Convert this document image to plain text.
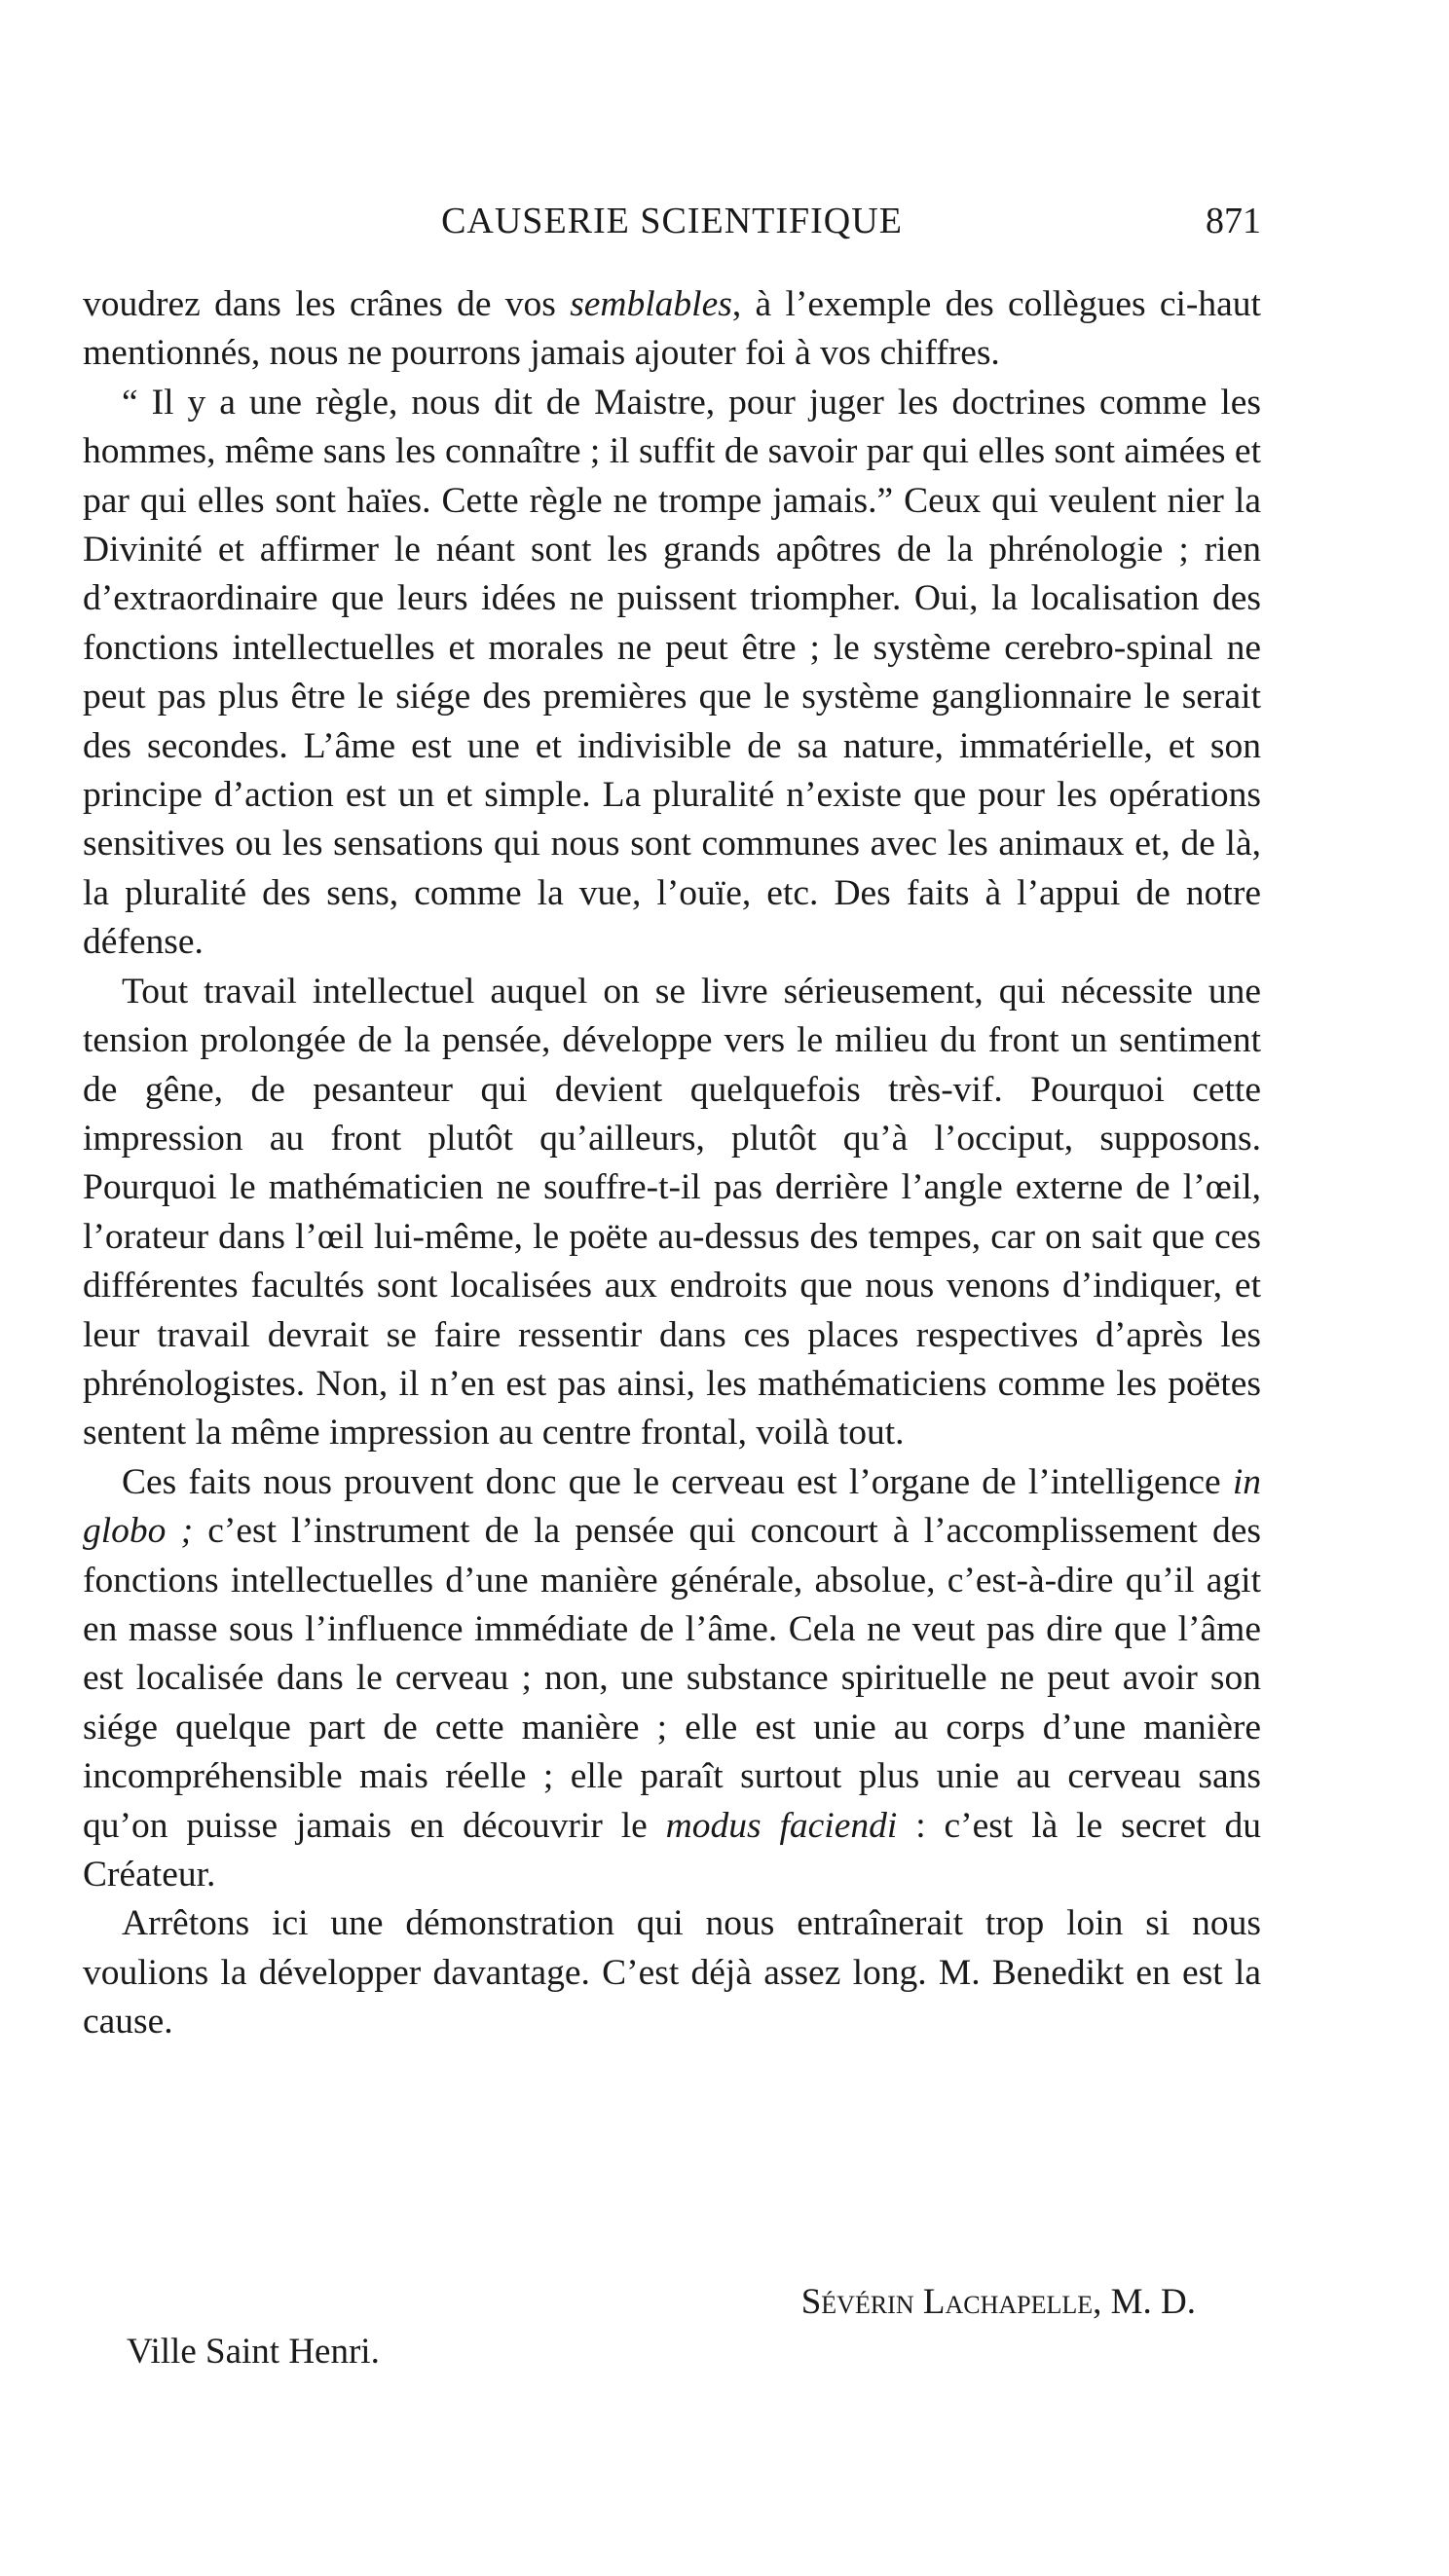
CAUSERIE SCIENTIFIQUE	871

voudrez dans les crânes de vos semblables, à l’exemple des collègues ci-haut mentionnés, nous ne pourrons jamais ajouter foi à vos chiffres.

“ Il y a une règle, nous dit de Maistre, pour juger les doctrines comme les hommes, même sans les connaître ; il suffit de savoir par qui elles sont aimées et par qui elles sont haïes. Cette règle ne trompe jamais.” Ceux qui veulent nier la Divinité et affirmer le néant sont les grands apôtres de la phrénologie ; rien d’extraordinaire que leurs idées ne puissent triompher. Oui, la localisation des fonctions intellectuelles et morales ne peut être ; le système cerebro-spinal ne peut pas plus être le siége des premières que le système ganglionnaire le serait des secondes. L’âme est une et indivisible de sa nature, immatérielle, et son principe d’action est un et simple. La pluralité n’existe que pour les opérations sensitives ou les sensations qui nous sont communes avec les animaux et, de là, la pluralité des sens, comme la vue, l’ouïe, etc. Des faits à l’appui de notre défense.

Tout travail intellectuel auquel on se livre sérieusement, qui nécessite une tension prolongée de la pensée, développe vers le milieu du front un sentiment de gêne, de pesanteur qui devient quelquefois très-vif. Pourquoi cette impression au front plutôt qu’ailleurs, plutôt qu’à l’occiput, supposons. Pourquoi le mathématicien ne souffre-t-il pas derrière l’angle externe de l’œil, l’orateur dans l’œil lui-même, le poëte au-dessus des tempes, car on sait que ces différentes facultés sont localisées aux endroits que nous venons d’indiquer, et leur travail devrait se faire ressentir dans ces places respectives d’après les phrénologistes. Non, il n’en est pas ainsi, les mathématiciens comme les poëtes sentent la même impression au centre frontal, voilà tout.

Ces faits nous prouvent donc que le cerveau est l’organe de l’intelligence in globo ; c’est l’instrument de la pensée qui concourt à l’accomplissement des fonctions intellectuelles d’une manière générale, absolue, c’est-à-dire qu’il agit en masse sous l’influence immédiate de l’âme. Cela ne veut pas dire que l’âme est localisée dans le cerveau ; non, une substance spirituelle ne peut avoir son siége quelque part de cette manière ; elle est unie au corps d’une manière incompréhensible mais réelle ; elle paraît surtout plus unie au cerveau sans qu’on puisse jamais en découvrir le modus faciendi : c’est là le secret du Créateur.

Arrêtons ici une démonstration qui nous entraînerait trop loin si nous voulions la développer davantage. C’est déjà assez long. M. Benedikt en est la cause.

Sévérin Lachapelle, M. D.
Ville Saint Henri.
